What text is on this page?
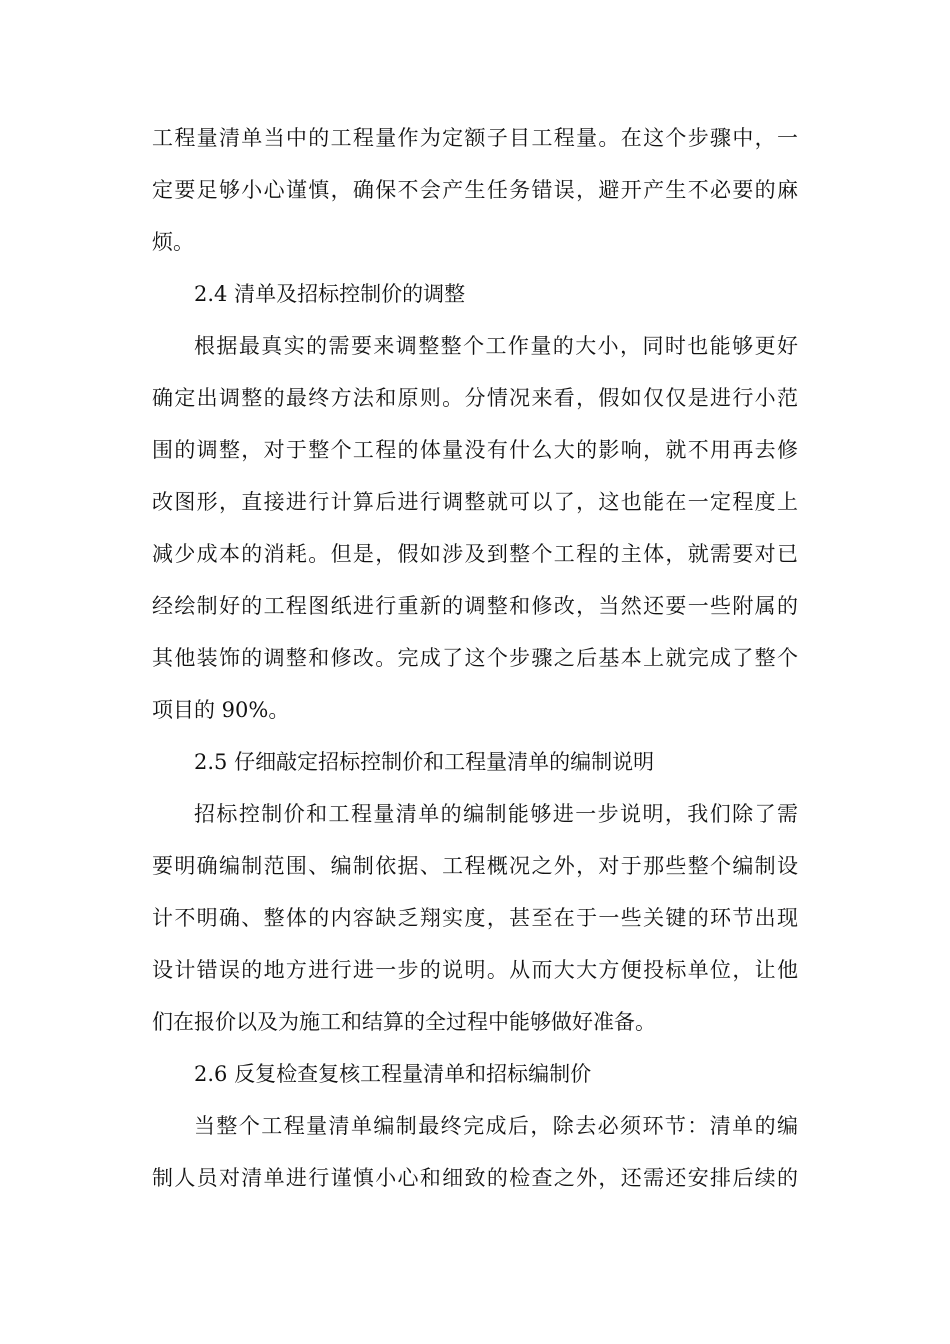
工程量清单当中的工程量作为定额子目工程量。在这个步骤中，一
定要足够小心谨慎，确保不会产生任务错误，避开产生不必要的麻
烦。
2.4 清单及招标控制价的调整
根据最真实的需要来调整整个工作量的大小，同时也能够更好
确定出调整的最终方法和原则。分情况来看，假如仅仅是进行小范
围的调整，对于整个工程的体量没有什么大的影响，就不用再去修
改图形，直接进行计算后进行调整就可以了，这也能在一定程度上
减少成本的消耗。但是，假如涉及到整个工程的主体，就需要对已
经绘制好的工程图纸进行重新的调整和修改，当然还要一些附属的
其他装饰的调整和修改。完成了这个步骤之后基本上就完成了整个
项目的 90%。
2.5 仔细敲定招标控制价和工程量清单的编制说明
招标控制价和工程量清单的编制能够进一步说明，我们除了需
要明确编制范围、编制依据、工程概况之外，对于那些整个编制设
计不明确、整体的内容缺乏翔实度，甚至在于一些关键的环节出现
设计错误的地方进行进一步的说明。从而大大方便投标单位，让他
们在报价以及为施工和结算的全过程中能够做好准备。
2.6 反复检查复核工程量清单和招标编制价
当整个工程量清单编制最终完成后，除去必须环节：清单的编
制人员对清单进行谨慎小心和细致的检查之外，还需还安排后续的
